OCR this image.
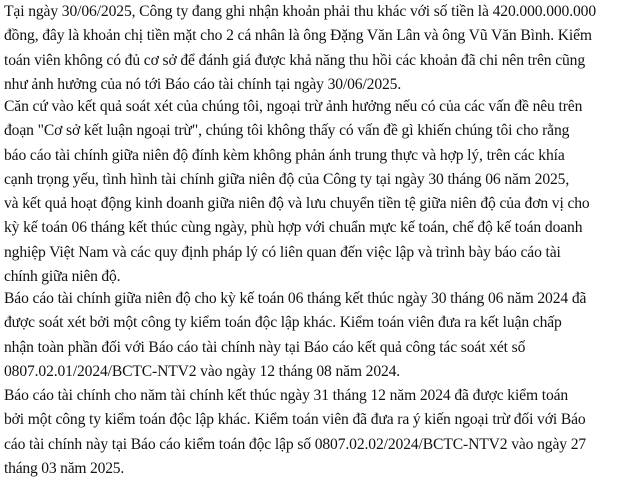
Tại ngày 30/06/2025, Công ty đang ghi nhận khoản phải thu khác với số tiền là 420.000.000.000
đồng, đây là khoản chị tiền mặt cho 2 cá nhân là ông Đặng Văn Lân và ông Vũ Văn Bình. Kiểm
toán viên không có đủ cơ sở để đánh giá được khả năng thu hồi các khoản đã chi nên trên cũng
như ảnh hưởng của nó tới Báo cáo tài chính tại ngày 30/06/2025.
Căn cứ vào kết quả soát xét của chúng tôi, ngoại trừ ảnh hưởng nếu có của các vấn đề nêu trên
đoạn "Cơ sở kết luận ngoại trừ", chúng tôi không thấy có vấn đề gì khiến chúng tôi cho rằng
báo cáo tài chính giữa niên độ đính kèm không phản ánh trung thực và hợp lý, trên các khía
cạnh trọng yếu, tình hình tài chính giữa niên độ của Công ty tại ngày 30 tháng 06 năm 2025,
và kết quả hoạt động kinh doanh giữa niên độ và lưu chuyển tiền tệ giữa niên độ của đơn vị cho
kỳ kế toán 06 tháng kết thúc cùng ngày, phù hợp với chuẩn mực kế toán, chế độ kế toán doanh
nghiệp Việt Nam và các quy định pháp lý có liên quan đến việc lập và trình bày báo cáo tài
chính giữa niên độ.
Báo cáo tài chính giữa niên độ cho kỳ kế toán 06 tháng kết thúc ngày 30 tháng 06 năm 2024 đã
được soát xét bởi một công ty kiểm toán độc lập khác. Kiểm toán viên đưa ra kết luận chấp
nhận toàn phần đối với Báo cáo tài chính này tại Báo cáo kết quả công tác soát xét số
0807.02.01/2024/BCTC-NTV2 vào ngày 12 tháng 08 năm 2024.
Báo cáo tài chính cho năm tài chính kết thúc ngày 31 tháng 12 năm 2024 đã được kiểm toán
bởi một công ty kiểm toán độc lập khác. Kiểm toán viên đã đưa ra ý kiến ngoại trừ đối với Báo
cáo tài chính này tại Báo cáo kiểm toán độc lập số 0807.02.02/2024/BCTC-NTV2 vào ngày 27
tháng 03 năm 2025.
